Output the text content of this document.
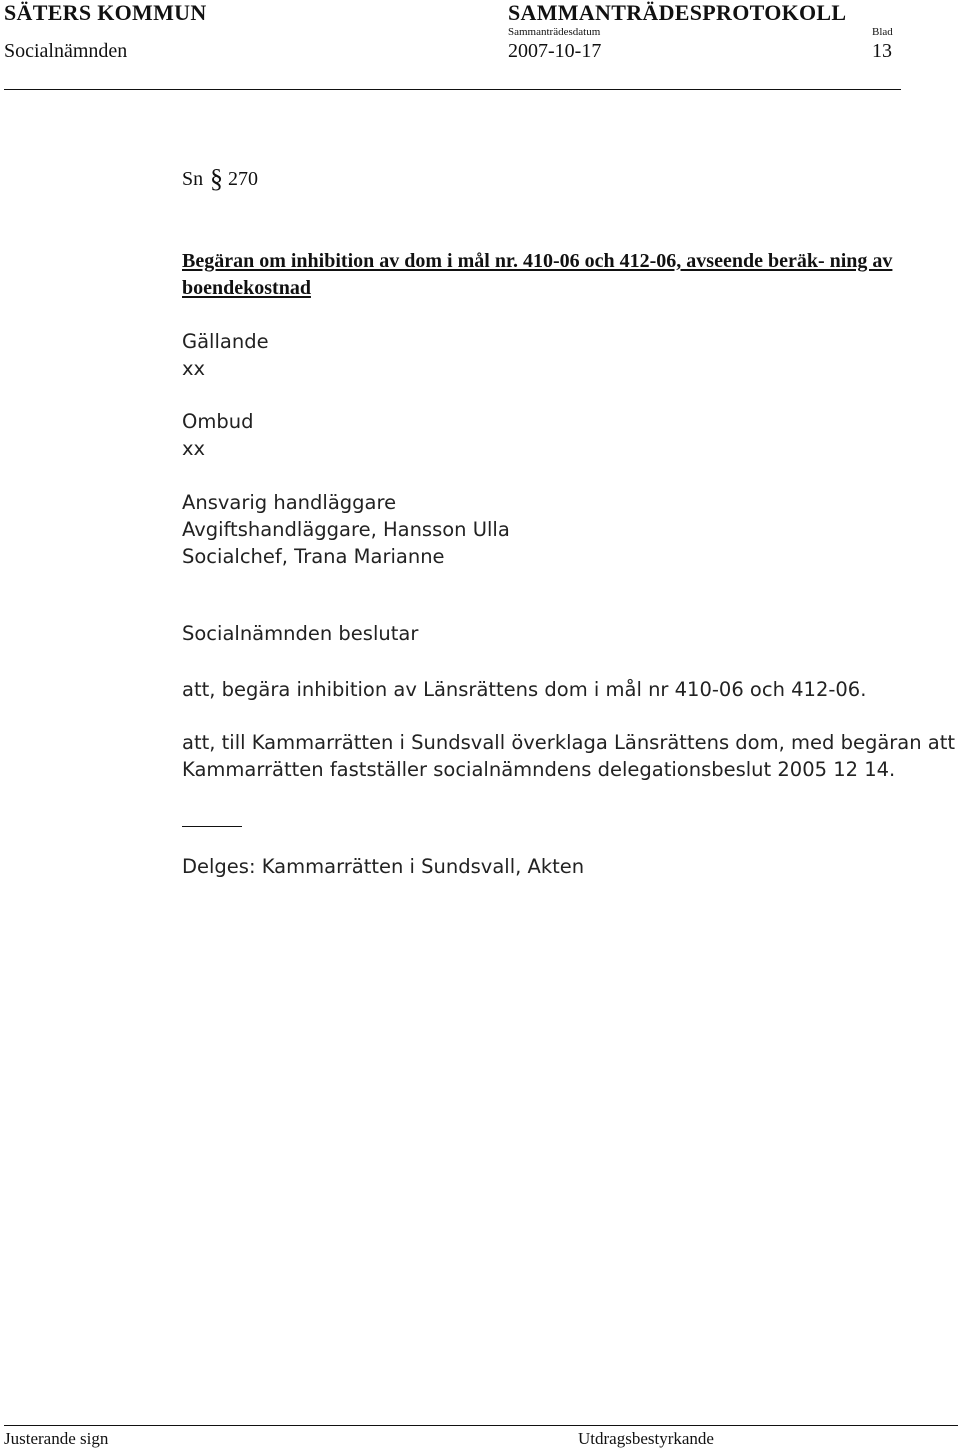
SÄTERS KOMMUN	SAMMANTRÄDESPROTOKOLL
Sammanträdesdatum	Blad
Socialnämnden	2007-10-17	13
Sn § 270
Begäran om inhibition av dom i mål nr. 410-06 och 412-06, avseende beräk- ning av boendekostnad
Gällande
xx
Ombud
xx
Ansvarig handläggare
Avgiftshandläggare, Hansson Ulla
Socialchef, Trana Marianne
Socialnämnden beslutar
att, begära inhibition av Länsrättens dom i mål nr 410-06 och 412-06.
att, till Kammarrätten i Sundsvall överklaga Länsrättens dom, med begäran att
Kammarrätten fastställer socialnämndens delegationsbeslut 2005 12 14.
Delges: Kammarrätten i Sundsvall, Akten
Justerande sign	Utdragsbestyrkande
